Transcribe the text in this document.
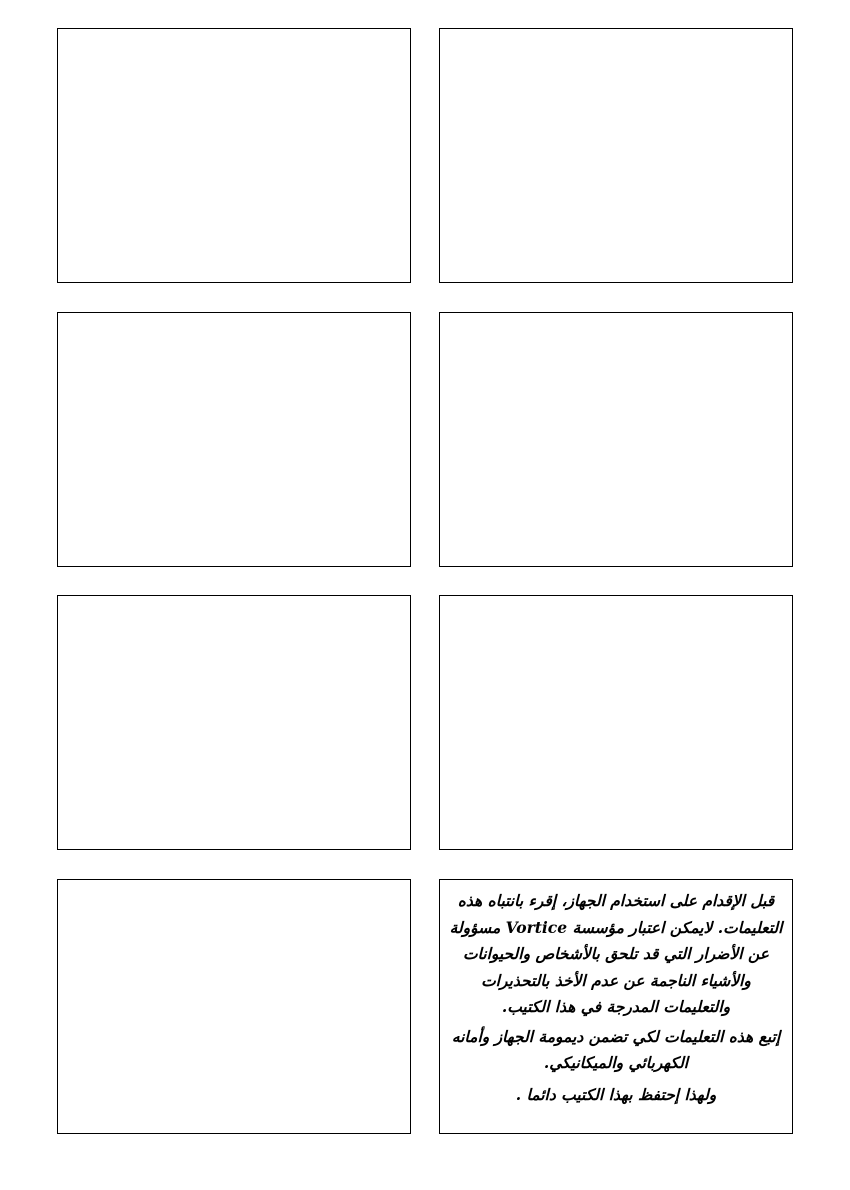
قبل الإقدام على استخدام الجهاز، إقرء بانتباه هذه التعليمات. لايمكن اعتبار مؤسسة Vortice مسؤولة عن الأضرار التي قد تلحق بالأشخاص والحيوانات والأشياء الناجمة عن عدم الأخذ بالتحذيرات والتعليمات المدرجة في هذا الكتيب.

إتبع هذه التعليمات لكي تضمن ديمومة الجهاز وأمانه الكهربائي والميكانيكي.

ولهذا إحتفظ بهذا الكتيب دائما .
